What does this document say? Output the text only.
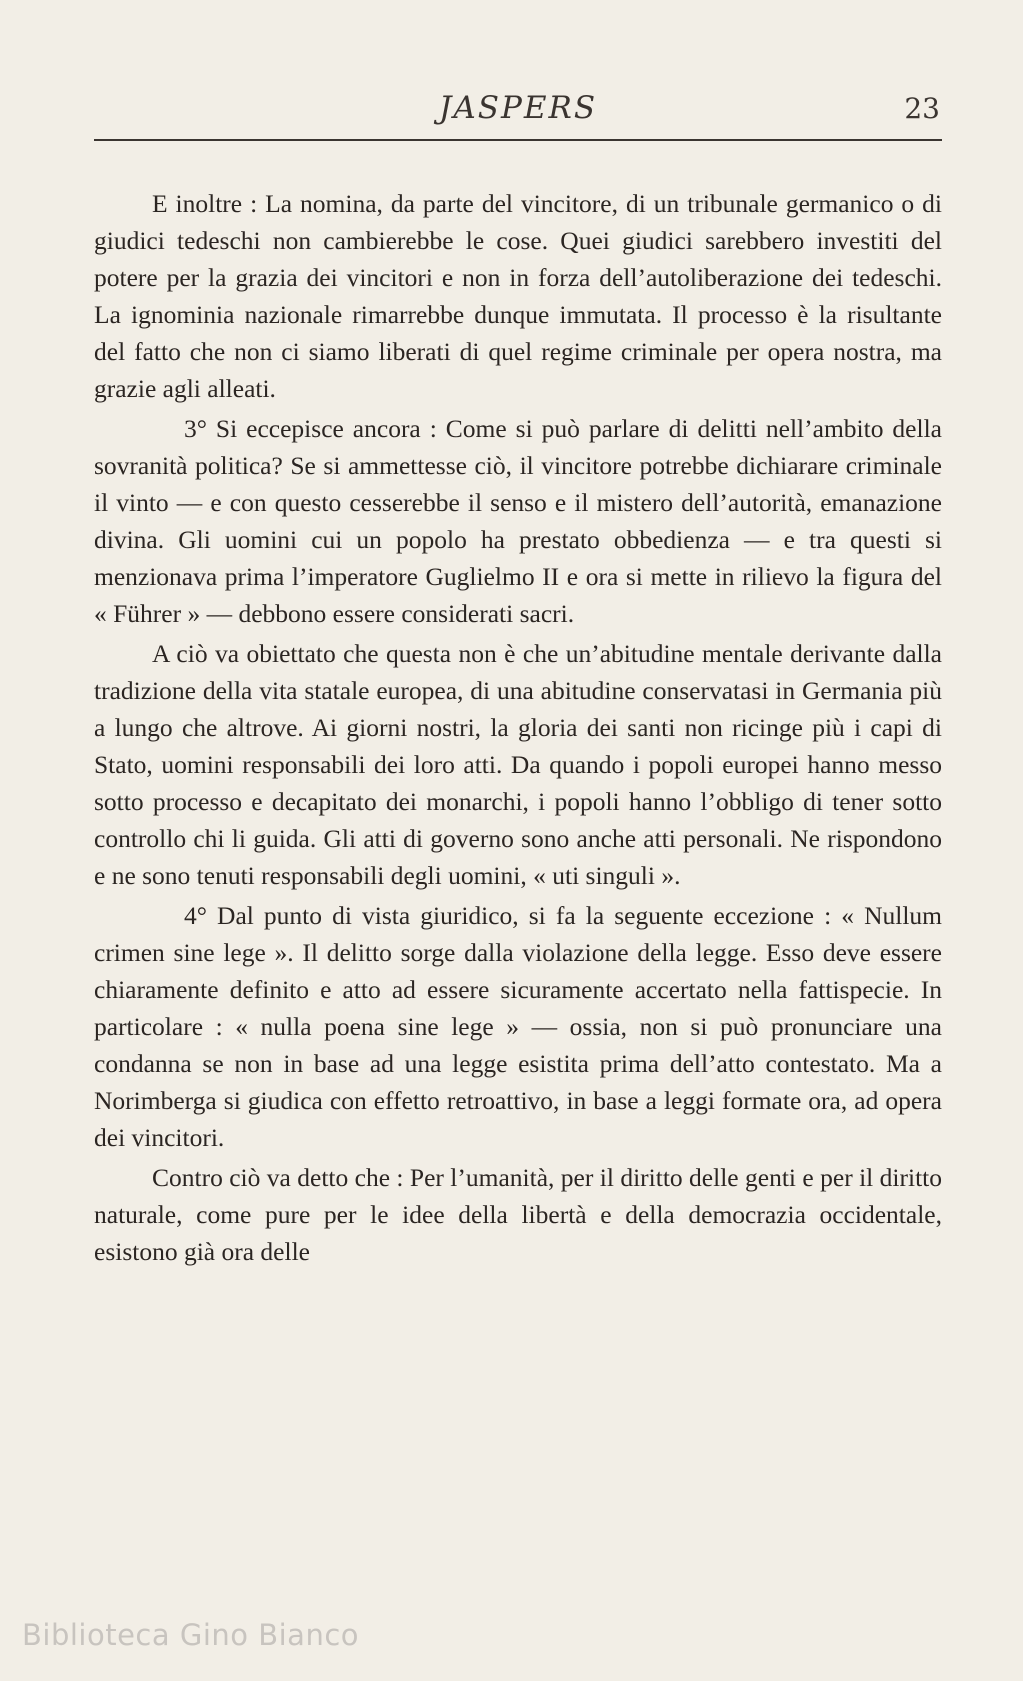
JASPERS	23

E inoltre : La nomina, da parte del vincitore, di un tribunale germanico o di giudici tedeschi non cambierebbe le cose. Quei giudici sarebbero investiti del potere per la grazia dei vincitori e non in forza dell’autoliberazione dei tedeschi. La ignominia nazionale rimarrebbe dunque immutata. Il processo è la risultante del fatto che non ci siamo liberati di quel regime criminale per opera nostra, ma grazie agli alleati.

3° Si eccepisce ancora : Come si può parlare di delitti nell’ambito della sovranità politica? Se si ammettesse ciò, il vincitore potrebbe dichiarare criminale il vinto — e con questo cesserebbe il senso e il mistero dell’autorità, emanazione divina. Gli uomini cui un popolo ha prestato obbedienza — e tra questi si menzionava prima l’imperatore Guglielmo II e ora si mette in rilievo la figura del « Führer » — debbono essere considerati sacri.

A ciò va obiettato che questa non è che un’abitudine mentale derivante dalla tradizione della vita statale europea, di una abitudine conservatasi in Germania più a lungo che altrove. Ai giorni nostri, la gloria dei santi non ricinge più i capi di Stato, uomini responsabili dei loro atti. Da quando i popoli europei hanno messo sotto processo e decapitato dei monarchi, i popoli hanno l’obbligo di tener sotto controllo chi li guida. Gli atti di governo sono anche atti personali. Ne rispondono e ne sono tenuti responsabili degli uomini, « uti singuli ».

4° Dal punto di vista giuridico, si fa la seguente eccezione : « Nullum crimen sine lege ». Il delitto sorge dalla violazione della legge. Esso deve essere chiaramente definito e atto ad essere sicuramente accertato nella fattispecie. In particolare : « nulla poena sine lege » — ossia, non si può pronunciare una condanna se non in base ad una legge esistita prima dell’atto contestato. Ma a Norimberga si giudica con effetto retroattivo, in base a leggi formate ora, ad opera dei vincitori.

Contro ciò va detto che : Per l’umanità, per il diritto delle genti e per il diritto naturale, come pure per le idee della libertà e della democrazia occidentale, esistono già ora delle

Biblioteca Gino Bianco
